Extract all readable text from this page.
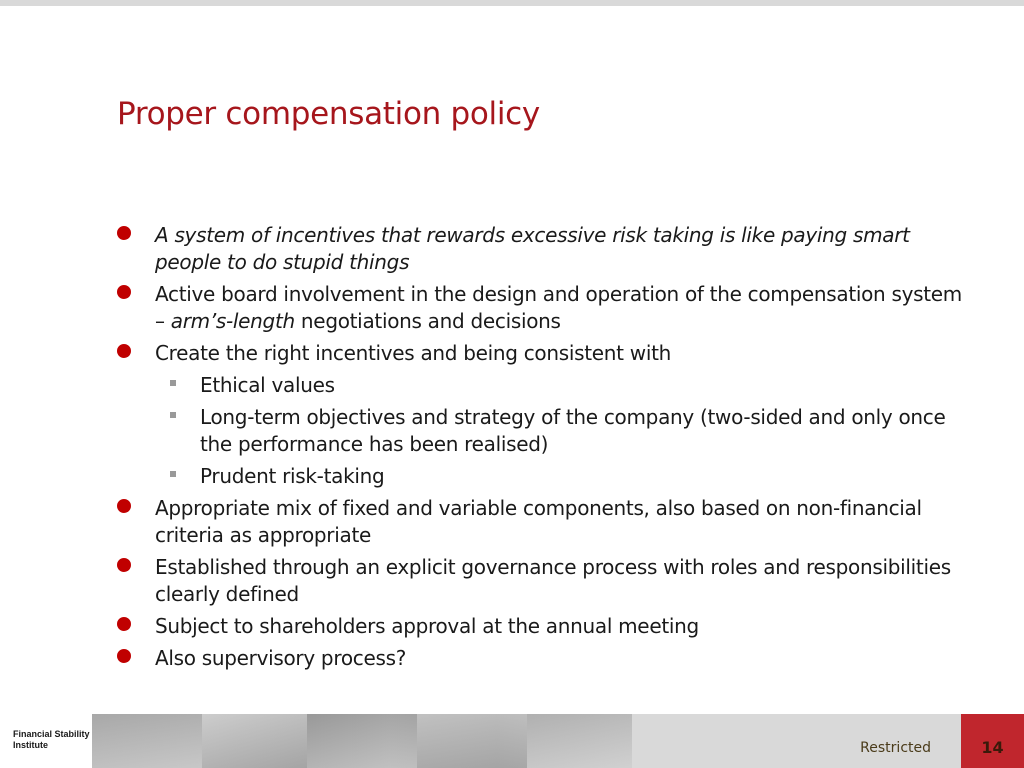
Proper compensation policy
A system of incentives that rewards excessive risk taking is like paying smart people to do stupid things
Active board involvement in the design and operation of the compensation system – arm’s-length negotiations and decisions
Create the right incentives and being consistent with
Ethical values
Long-term objectives and strategy of the company (two-sided and only once the performance has been realised)
Prudent risk-taking
Appropriate mix of fixed and variable components, also based on non-financial criteria as appropriate
Established through an explicit governance process with roles and responsibilities clearly defined
Subject to shareholders approval at the annual meeting
Also supervisory process?
Financial Stability
Institute	Restricted	14
